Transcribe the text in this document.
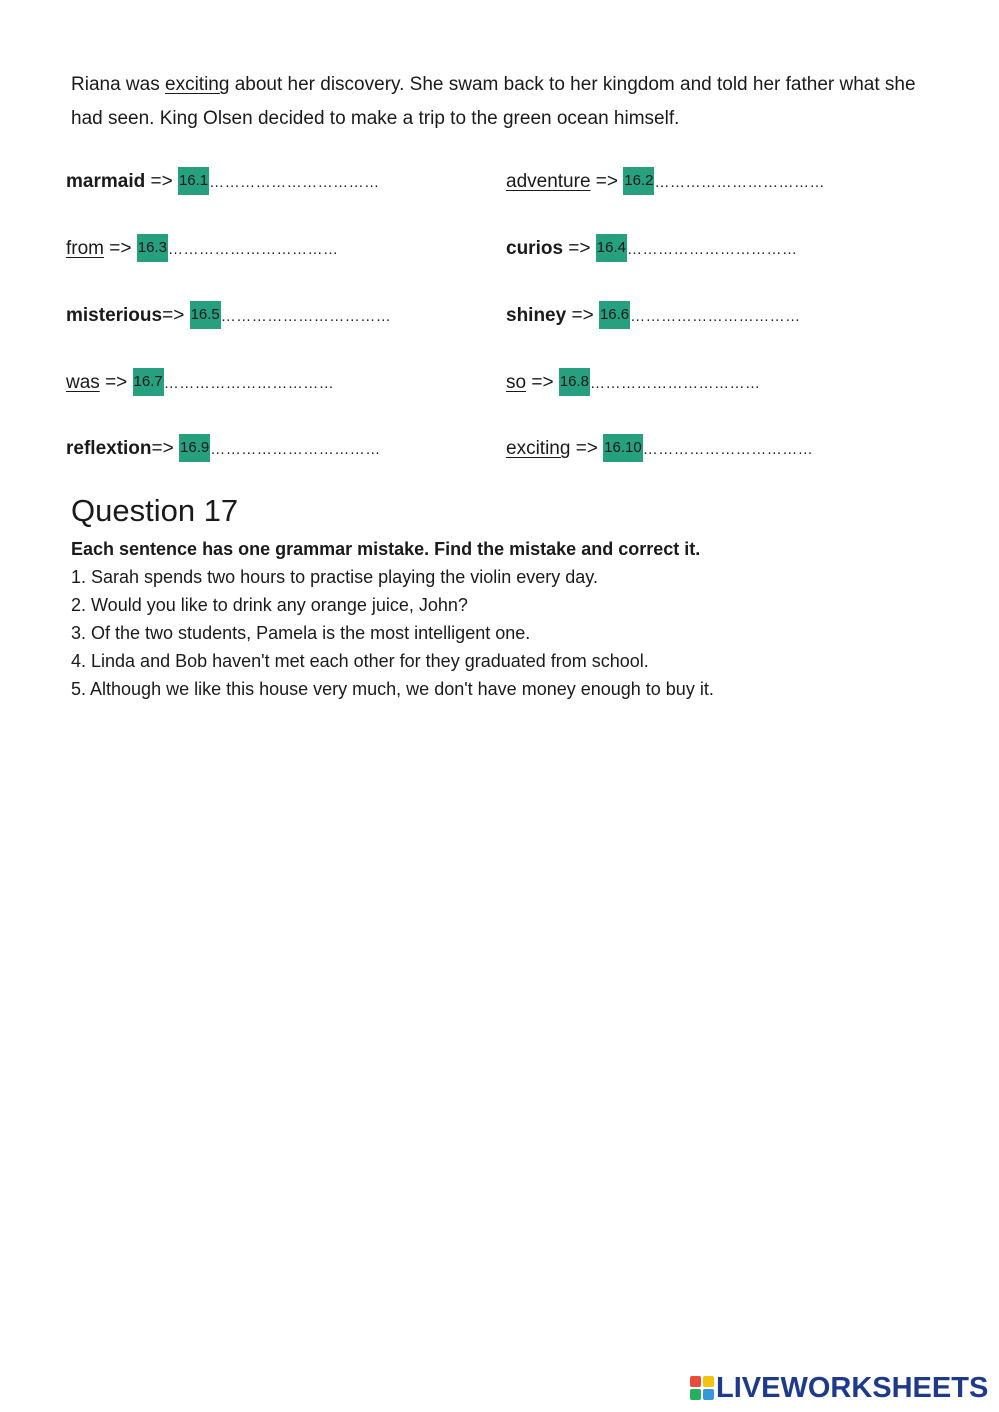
Riana was exciting about her discovery. She swam back to her kingdom and told her father what she had seen. King Olsen decided to make a trip to the green ocean himself.
marmaid => 16.1……………………………	adventure => 16.2……………………………
from => 16.3……………………………	curios => 16.4……………………………
misterious=> 16.5……………………………	shiney => 16.6……………………………
was => 16.7……………………………	so => 16.8……………………………
reflextion=> 16.9……………………………	exciting => 16.10……………………………
Question 17
Each sentence has one grammar mistake. Find the mistake and correct it.
1. Sarah spends two hours to practise playing the violin every day.
2. Would you like to drink any orange juice, John?
3. Of the two students, Pamela is the most intelligent one.
4. Linda and Bob haven't met each other for they graduated from school.
5. Although we like this house very much, we don't have money enough to buy it.
LIVEWORKSHEETS
